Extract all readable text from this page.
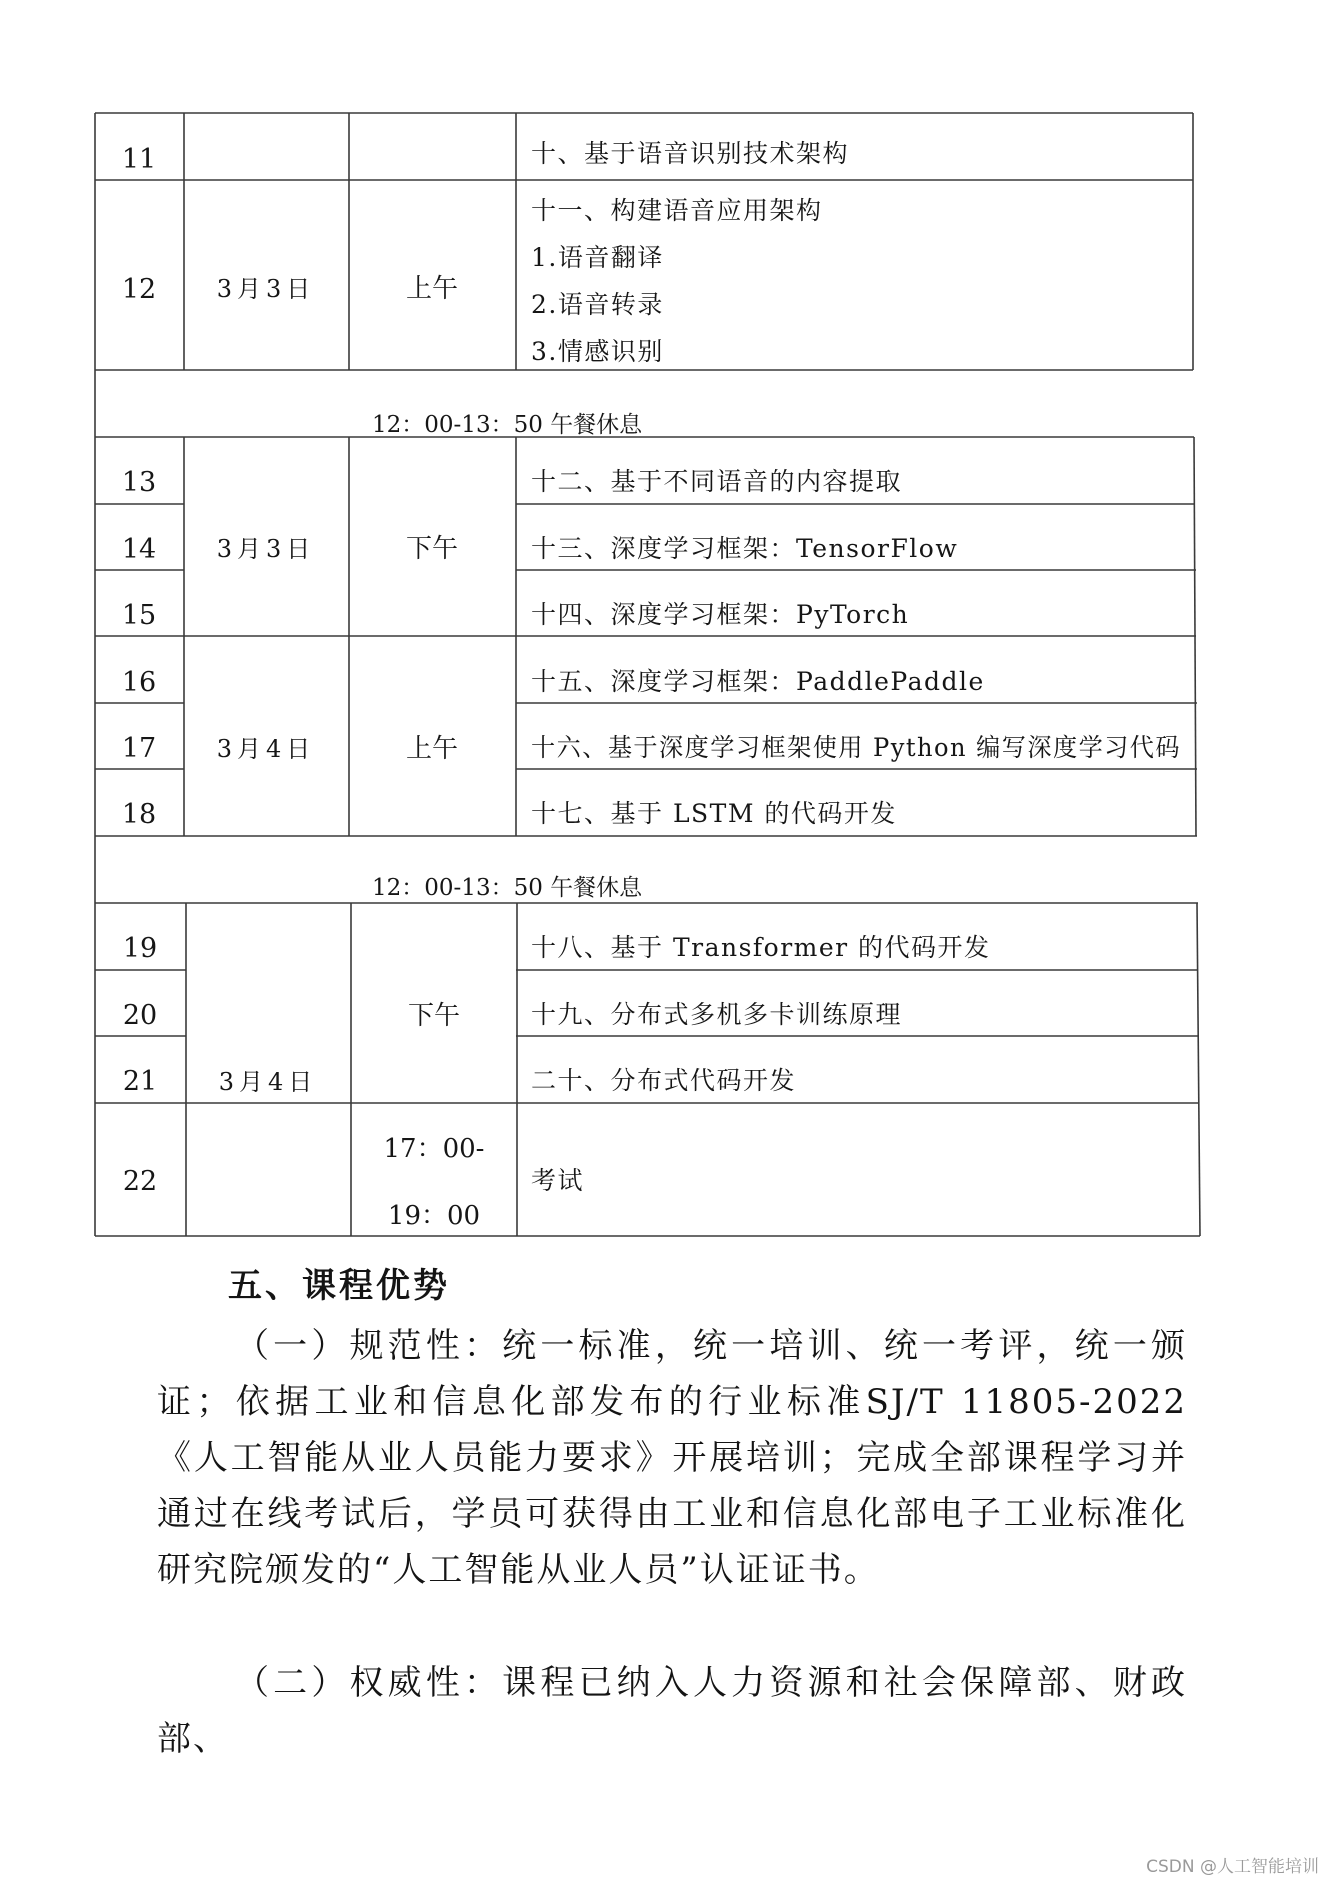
11
12
13
14
15
16
17
18
19
20
21
22
3月3日
3月3日
3月4日
3月4日
上午
下午
上午
下午
17：00-
19：00
十、基于语音识别技术架构
十一、构建语音应用架构
1.语音翻译
2.语音转录
3.情感识别
十二、基于不同语音的内容提取
十三、深度学习框架：TensorFlow
十四、深度学习框架：PyTorch
十五、深度学习框架：PaddlePaddle
十六、基于深度学习框架使用 Python 编写深度学习代码
十七、基于 LSTM 的代码开发
十八、基于 Transformer 的代码开发
十九、分布式多机多卡训练原理
二十、分布式代码开发
考试
12：00-13：50 午餐休息
12：00-13：50 午餐休息
五、课程优势

（一）规范性：统一标准，统一培训、统一考评，统一颁证；依据工业和信息化部发布的行业标准SJ/T 11805-2022《人工智能从业人员能力要求》开展培训；完成全部课程学习并通过在线考试后，学员可获得由工业和信息化部电子工业标准化研究院颁发的“人工智能从业人员”认证证书。

（二）权威性：课程已纳入人力资源和社会保障部、财政部、

CSDN @人工智能培训
